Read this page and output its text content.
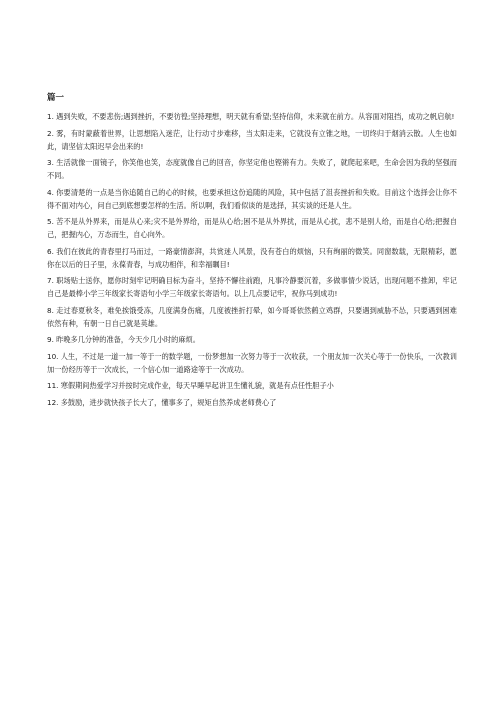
篇一

1. 遇到失败，不要悲伤;遇到挫折，不要彷徨;坚持理想，明天就有希望;坚持信仰，未来就在前方。从容面对阻挡，成功之帆启航!

2. 雾，有时蒙蔽着世界，让思想陷入迷茫，让行动寸步难移，当太阳走来，它就没有立锥之地，一切终归于烟消云散。人生也如此，请坚信太阳迟早会出来的!

3. 生活就像一面镜子，你笑他也笑，态度就像自己的回音，你坚定他也铿锵有力。失败了，就爬起来吧，生命会因为我的坚强而不同。

4. 你要清楚的一点是当你追随自己的心的时候，也要承担这份追随的风险，其中包括了沮丧挫折和失败。目前这个选择会让你不得不面对内心，问自己到底想要怎样的生活。所以啊，我们看似谈的是选择，其实谈的还是人生。

5. 苦不是从外界来，而是从心来;灾不是外界给，而是从心给;困不是从外界扰，而是从心扰，悲不是别人给，而是自心给;把握自己，把握内心，万态而生，自心向外。

6. 我们在彼此的青春里打马而过，一路豪情澎湃，共赏迷人风景，没有苍白的烦恼，只有绚丽的微笑。同窗数载，无限精彩，愿你在以后的日子里，永葆青春，与成功相伴，和幸福瞩目!

7. 职场贴士送你，愿你时刻牢记明确目标为奋斗，坚持不懈往前跑，凡事冷静要沉着，多做事情少说话，出现问题不推卸，牢记自己是最棒小学三年级家长寄语句小学三年级家长寄语句。以上几点要记牢，祝你马到成功!

8. 走过春夏秋冬，难免挨饿受冻，几度满身伤痛，几度被挫折打晕，如今哥哥依然鹤立鸡群，只要遇到威胁不怂，只要遇到困难依然有种，有朝一日自己就是英雄。

9. 昨晚多几分钟的准备，今天少几小时的麻烦。

10. 人生，不过是一道一加一等于一的数学题，一份梦想加一次努力等于一次收获，一个朋友加一次关心等于一份快乐，一次教训加一份经历等于一次成长，一个信心加一道路途等于一次成功。

11. 寒假期间热爱学习并按时完成作业，每天早睡早起讲卫生懂礼貌，就是有点任性胆子小

12. 多鼓励，进步就快孩子长大了，懂事多了，规矩自然养成老师费心了
